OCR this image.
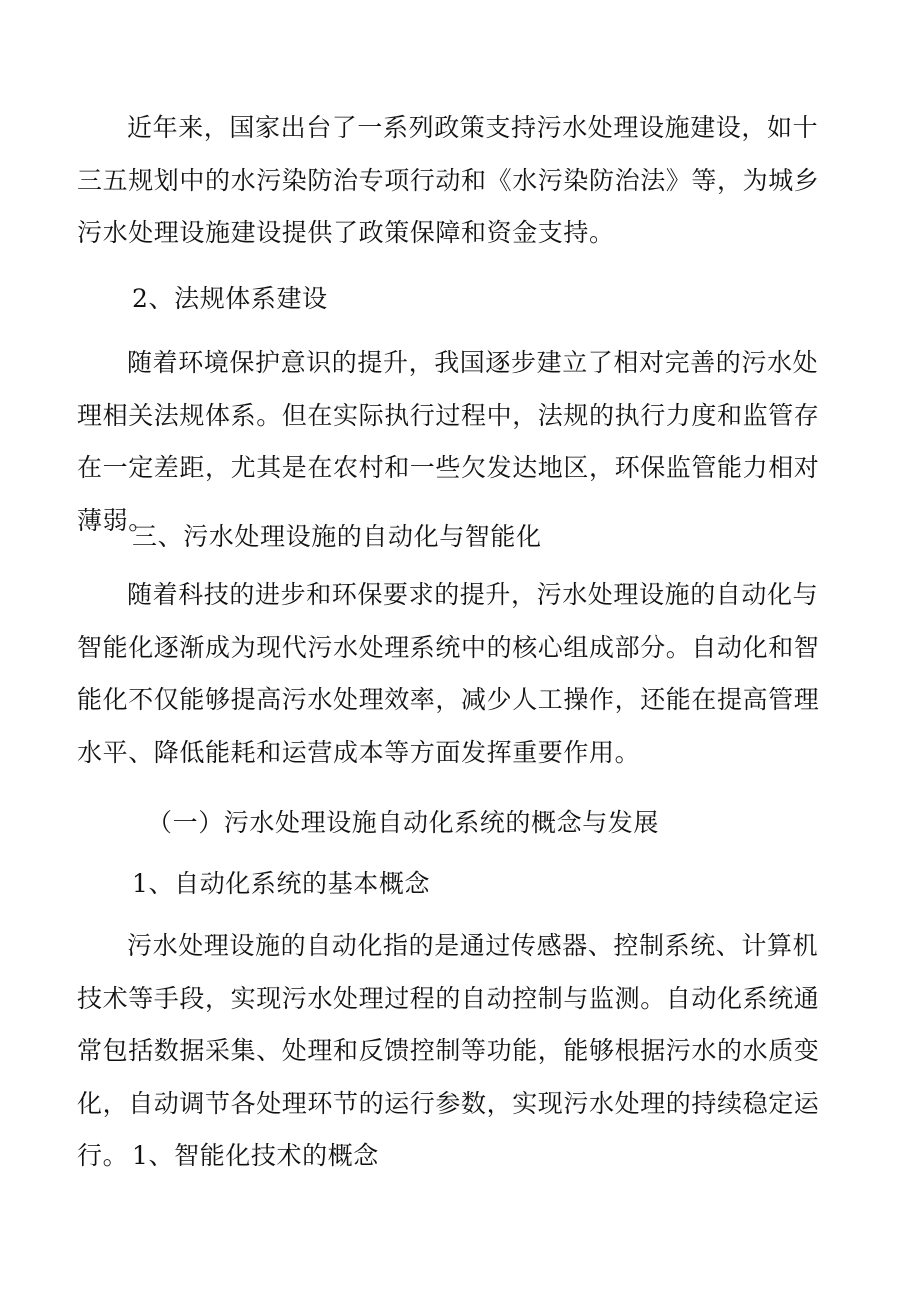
近年来，国家出台了一系列政策支持污水处理设施建设，如十三五规划中的水污染防治专项行动和《水污染防治法》等，为城乡污水处理设施建设提供了政策保障和资金支持。

2、法规体系建设

随着环境保护意识的提升，我国逐步建立了相对完善的污水处理相关法规体系。但在实际执行过程中，法规的执行力度和监管存在一定差距，尤其是在农村和一些欠发达地区，环保监管能力相对薄弱。

三、污水处理设施的自动化与智能化

随着科技的进步和环保要求的提升，污水处理设施的自动化与智能化逐渐成为现代污水处理系统中的核心组成部分。自动化和智能化不仅能够提高污水处理效率，减少人工操作，还能在提高管理水平、降低能耗和运营成本等方面发挥重要作用。

（一）污水处理设施自动化系统的概念与发展

1、自动化系统的基本概念

污水处理设施的自动化指的是通过传感器、控制系统、计算机技术等手段，实现污水处理过程的自动控制与监测。自动化系统通常包括数据采集、处理和反馈控制等功能，能够根据污水的水质变化，自动调节各处理环节的运行参数，实现污水处理的持续稳定运行。 1、智能化技术的概念
